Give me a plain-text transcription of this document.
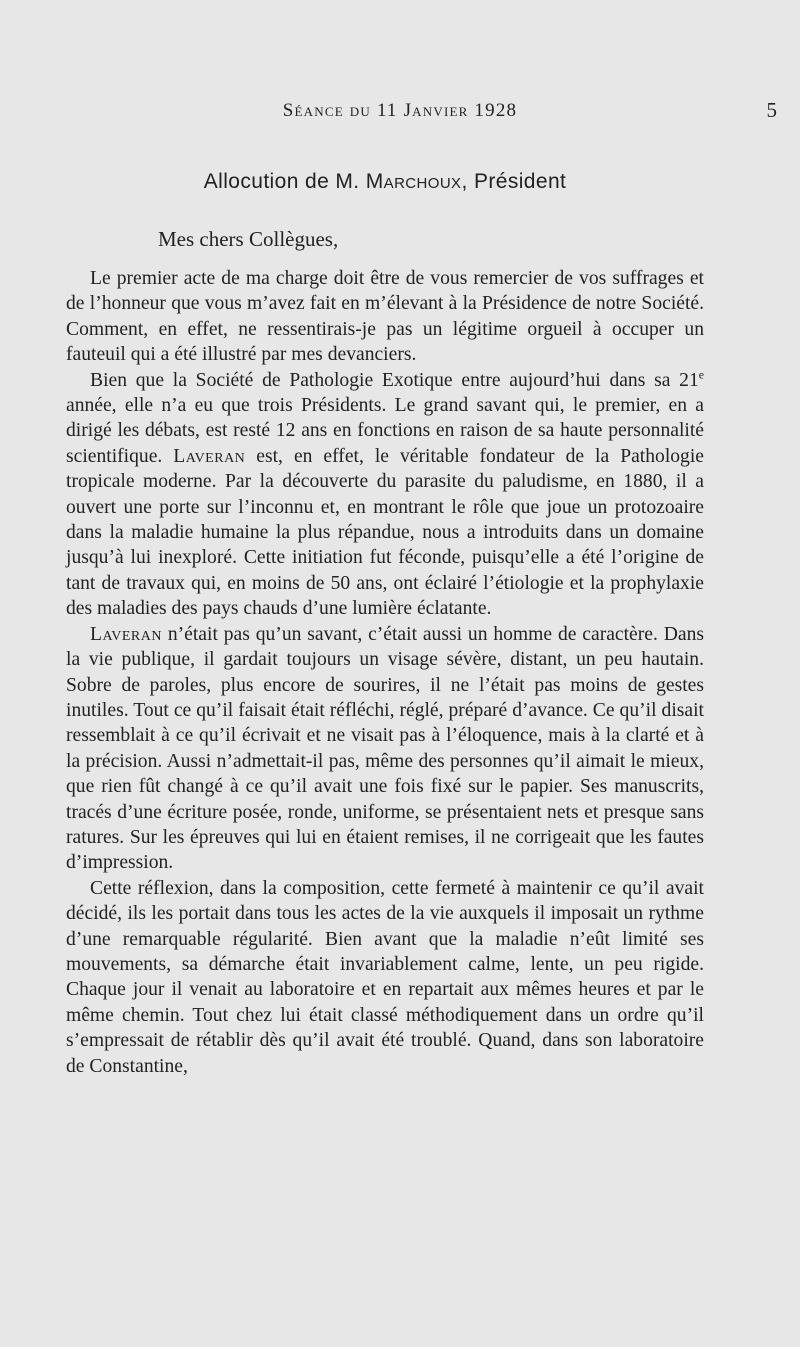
Séance du 11 Janvier 1928	5
Allocution de M. Marchoux, Président
Mes chers Collègues,

Le premier acte de ma charge doit être de vous remercier de vos suffrages et de l’honneur que vous m’avez fait en m’élevant à la Présidence de notre Société. Comment, en effet, ne ressentirais-je pas un légitime orgueil à occuper un fauteuil qui a été illustré par mes devanciers.

Bien que la Société de Pathologie Exotique entre aujourd’hui dans sa 21e année, elle n’a eu que trois Présidents. Le grand savant qui, le premier, en a dirigé les débats, est resté 12 ans en fonctions en raison de sa haute personnalité scientifique. Laveran est, en effet, le véritable fondateur de la Pathologie tropicale moderne. Par la découverte du parasite du paludisme, en 1880, il a ouvert une porte sur l’inconnu et, en montrant le rôle que joue un protozoaire dans la maladie humaine la plus répandue, nous a introduits dans un domaine jusqu’à lui inexploré. Cette initiation fut féconde, puisqu’elle a été l’origine de tant de travaux qui, en moins de 50 ans, ont éclairé l’étiologie et la prophylaxie des maladies des pays chauds d’une lumière éclatante.

Laveran n’était pas qu’un savant, c’était aussi un homme de caractère. Dans la vie publique, il gardait toujours un visage sévère, distant, un peu hautain. Sobre de paroles, plus encore de sourires, il ne l’était pas moins de gestes inutiles. Tout ce qu’il faisait était réfléchi, réglé, préparé d’avance. Ce qu’il disait ressemblait à ce qu’il écrivait et ne visait pas à l’éloquence, mais à la clarté et à la précision. Aussi n’admettait-il pas, même des personnes qu’il aimait le mieux, que rien fût changé à ce qu’il avait une fois fixé sur le papier. Ses manuscrits, tracés d’une écriture posée, ronde, uniforme, se présentaient nets et presque sans ratures. Sur les épreuves qui lui en étaient remises, il ne corrigeait que les fautes d’impression.

Cette réflexion, dans la composition, cette fermeté à maintenir ce qu’il avait décidé, ils les portait dans tous les actes de la vie auxquels il imposait un rythme d’une remarquable régularité. Bien avant que la maladie n’eût limité ses mouvements, sa démarche était invariablement calme, lente, un peu rigide. Chaque jour il venait au laboratoire et en repartait aux mêmes heures et par le même chemin. Tout chez lui était classé méthodiquement dans un ordre qu’il s’empressait de rétablir dès qu’il avait été troublé. Quand, dans son laboratoire de Constantine,
